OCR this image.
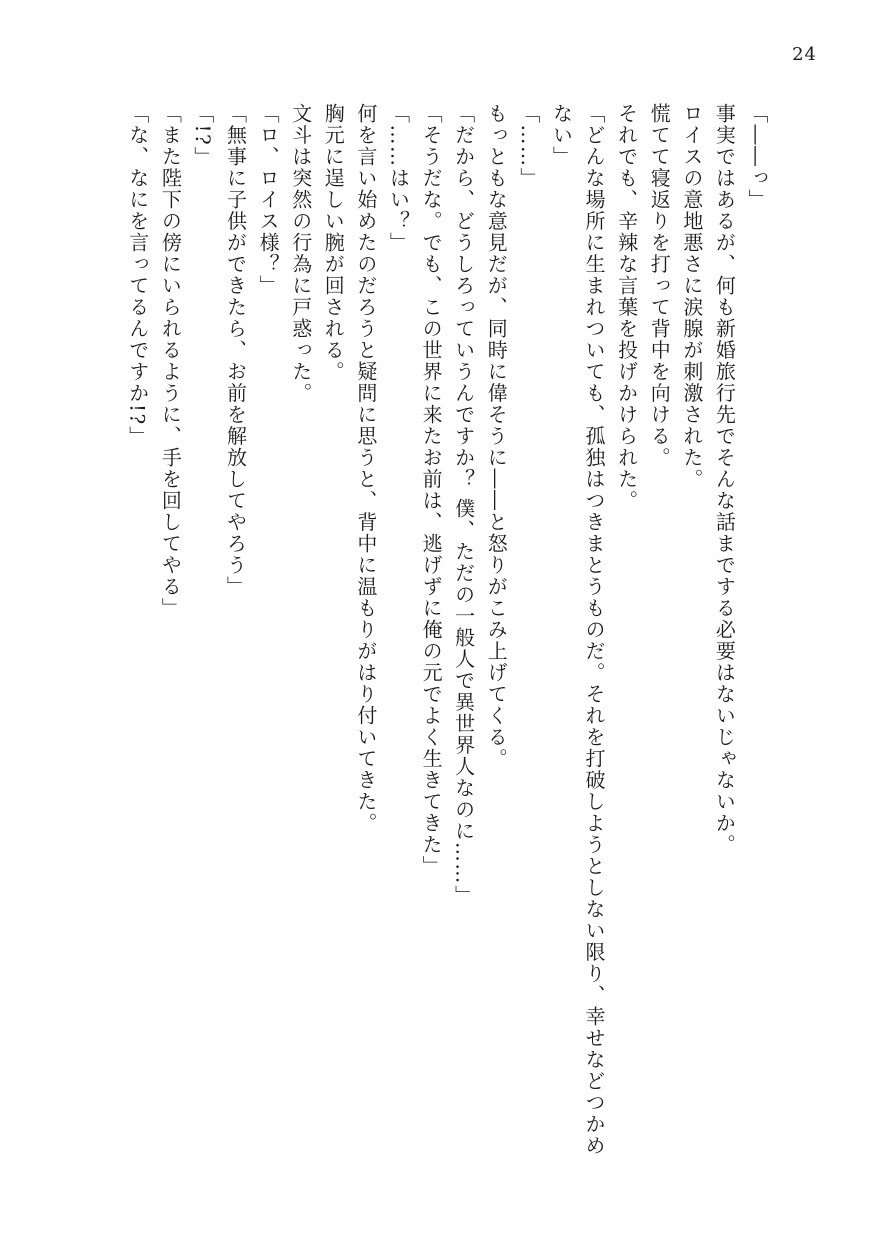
24
「――っ」
事実ではあるが、何も新婚旅行先でそんな話までする必要はないじゃないか。
ロイスの意地悪さに涙腺が刺激された。
慌てて寝返りを打って背中を向ける。
それでも、辛辣な言葉を投げかけられた。
「どんな場所に生まれついても、孤独はつきまとうものだ。それを打破しようとしない限り、幸せなどつかめない」
「……」
もっともな意見だが、同時に偉そうに――と怒りがこみ上げてくる。
「だから、どうしろっていうんですか？ 僕、ただの一般人で異世界人なのに……」
「そうだな。でも、この世界に来たお前は、逃げずに俺の元でよく生きてきた」
「……はい？」
何を言い始めたのだろうと疑問に思うと、背中に温もりがはり付いてきた。
胸元に逞しい腕が回される。
文斗は突然の行為に戸惑った。
「ロ、ロイス様？」
「無事に子供ができたら、お前を解放してやろう」
「!?」
「また陛下の傍にいられるように、手を回してやる」
「な、なにを言ってるんですか!?」
